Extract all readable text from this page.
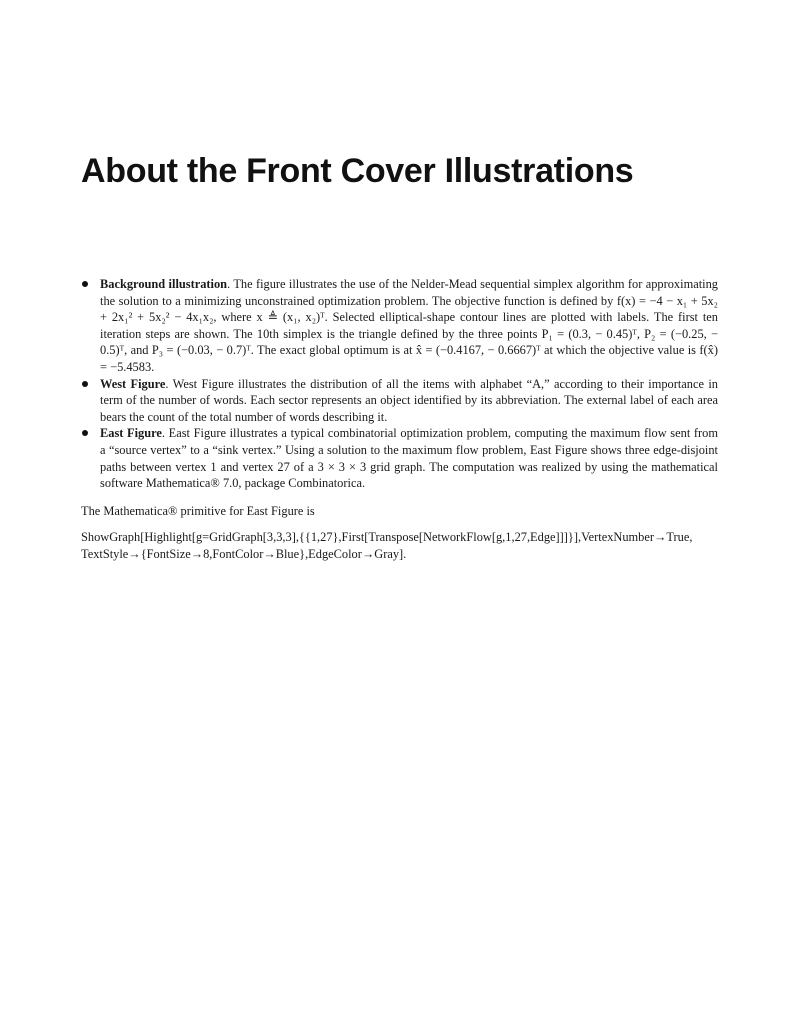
About the Front Cover Illustrations
Background illustration. The figure illustrates the use of the Nelder-Mead sequential simplex algorithm for approximating the solution to a minimizing unconstrained optimization problem. The objective function is defined by f(x) = −4 − x₁ + 5x₂ + 2x₁² + 5x₂² − 4x₁x₂, where x ≜ (x₁, x₂)ᵀ. Selected elliptical-shape contour lines are plotted with labels. The first ten iteration steps are shown. The 10th simplex is the triangle defined by the three points P₁ = (0.3, − 0.45)ᵀ, P₂ = (−0.25, − 0.5)ᵀ, and P₃ = (−0.03, − 0.7)ᵀ. The exact global optimum is at x̂ = (−0.4167, − 0.6667)ᵀ at which the objective value is f(x̂) = −5.4583.
West Figure. West Figure illustrates the distribution of all the items with alphabet “A,” according to their importance in term of the number of words. Each sector represents an object identified by its abbreviation. The external label of each area bears the count of the total number of words describing it.
East Figure. East Figure illustrates a typical combinatorial optimization problem, computing the maximum flow sent from a “source vertex” to a “sink vertex.” Using a solution to the maximum flow problem, East Figure shows three edge-disjoint paths between vertex 1 and vertex 27 of a 3 × 3 × 3 grid graph. The computation was realized by using the mathematical software Mathematica® 7.0, package Combinatorica.

The Mathematica® primitive for East Figure is

ShowGraph[Highlight[g=GridGraph[3,3,3],{{1,27},First[Transpose[NetworkFlow[g,1,27,Edge]]]}],VertexNumber→True, TextStyle→{FontSize→8,FontColor→Blue},EdgeColor→Gray].
